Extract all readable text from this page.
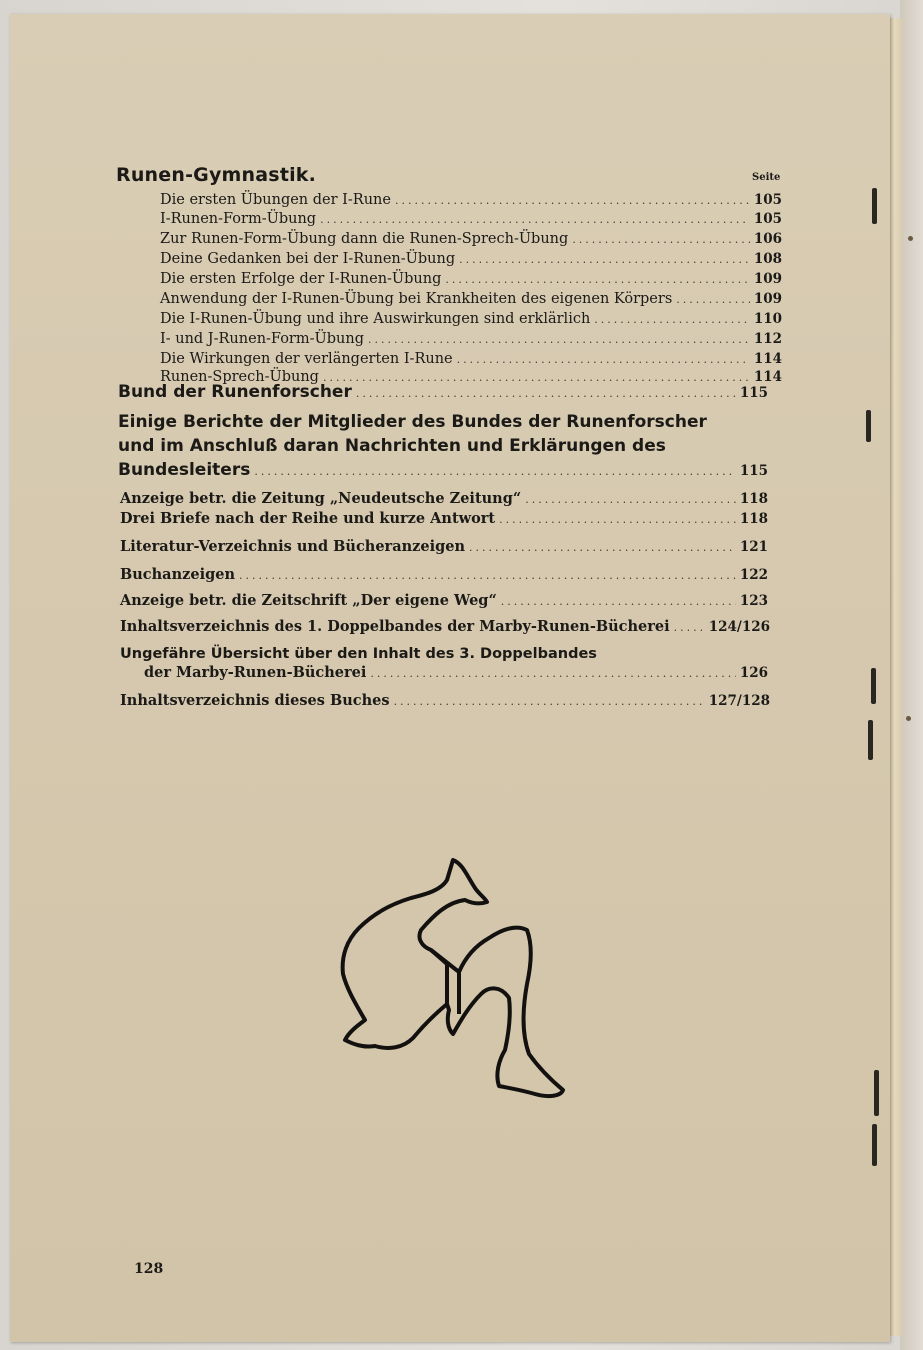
Seite
Runen-Gymnastik.
Die ersten Übungen der I-Rune .....	105
I-Runen-Form-Übung .....	105
Zur Runen-Form-Übung dann die Runen-Sprech-Übung .....	106
Deine Gedanken bei der I-Runen-Übung .....	108
Die ersten Erfolge der I-Runen-Übung .....	109
Anwendung der I-Runen-Übung bei Krankheiten des eigenen Körpers .....	109
Die I-Runen-Übung und ihre Auswirkungen sind erklärlich .....	110
I- und J-Runen-Form-Übung .....	112
Die Wirkungen der verlängerten I-Rune .....	114
Runen-Sprech-Übung .....	114
Bund der Runenforscher .....	115
Einige Berichte der Mitglieder des Bundes der Runenforscher
und im Anschluß daran Nachrichten und Erklärungen des
Bundesleiters .....	115
Anzeige betr. die Zeitung „Neudeutsche Zeitung“ .....	118
Drei Briefe nach der Reihe und kurze Antwort .....	118
Literatur-Verzeichnis und Bücheranzeigen .....	121
Buchanzeigen .....	122
Anzeige betr. die Zeitschrift „Der eigene Weg“ .....	123
Inhaltsverzeichnis des 1. Doppelbandes der Marby-Runen-Bücherei .....	124/126
Ungefähre Übersicht über den Inhalt des 3. Doppelbandes
der Marby-Runen-Bücherei .....	126
Inhaltsverzeichnis dieses Buches .....	127/128
128
